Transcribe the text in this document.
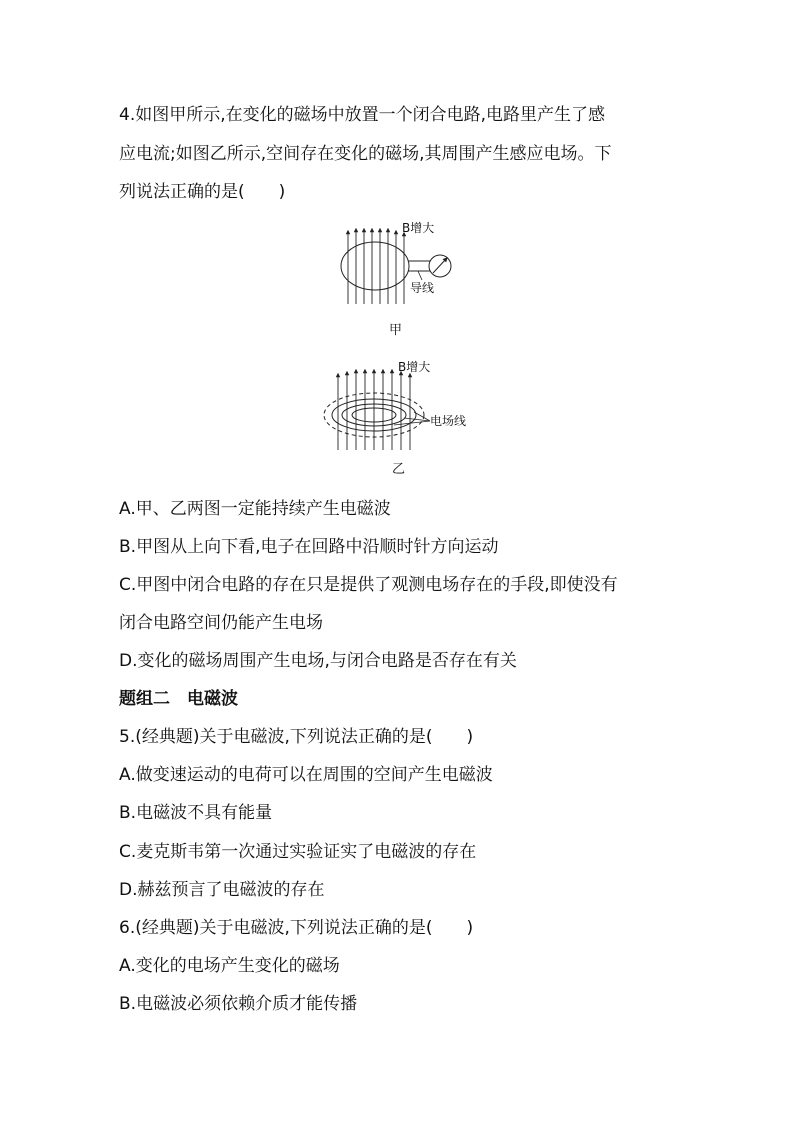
4.如图甲所示,在变化的磁场中放置一个闭合电路,电路里产生了感
应电流;如图乙所示,空间存在变化的磁场,其周围产生感应电场。下
列说法正确的是(　　)
B增大
导线
甲
B增大
电场线
乙
A.甲、乙两图一定能持续产生电磁波
B.甲图从上向下看,电子在回路中沿顺时针方向运动
C.甲图中闭合电路的存在只是提供了观测电场存在的手段,即使没有
闭合电路空间仍能产生电场
D.变化的磁场周围产生电场,与闭合电路是否存在有关
题组二　电磁波
5.(经典题)关于电磁波,下列说法正确的是(　　)
A.做变速运动的电荷可以在周围的空间产生电磁波
B.电磁波不具有能量
C.麦克斯韦第一次通过实验证实了电磁波的存在
D.赫兹预言了电磁波的存在
6.(经典题)关于电磁波,下列说法正确的是(　　)
A.变化的电场产生变化的磁场
B.电磁波必须依赖介质才能传播
